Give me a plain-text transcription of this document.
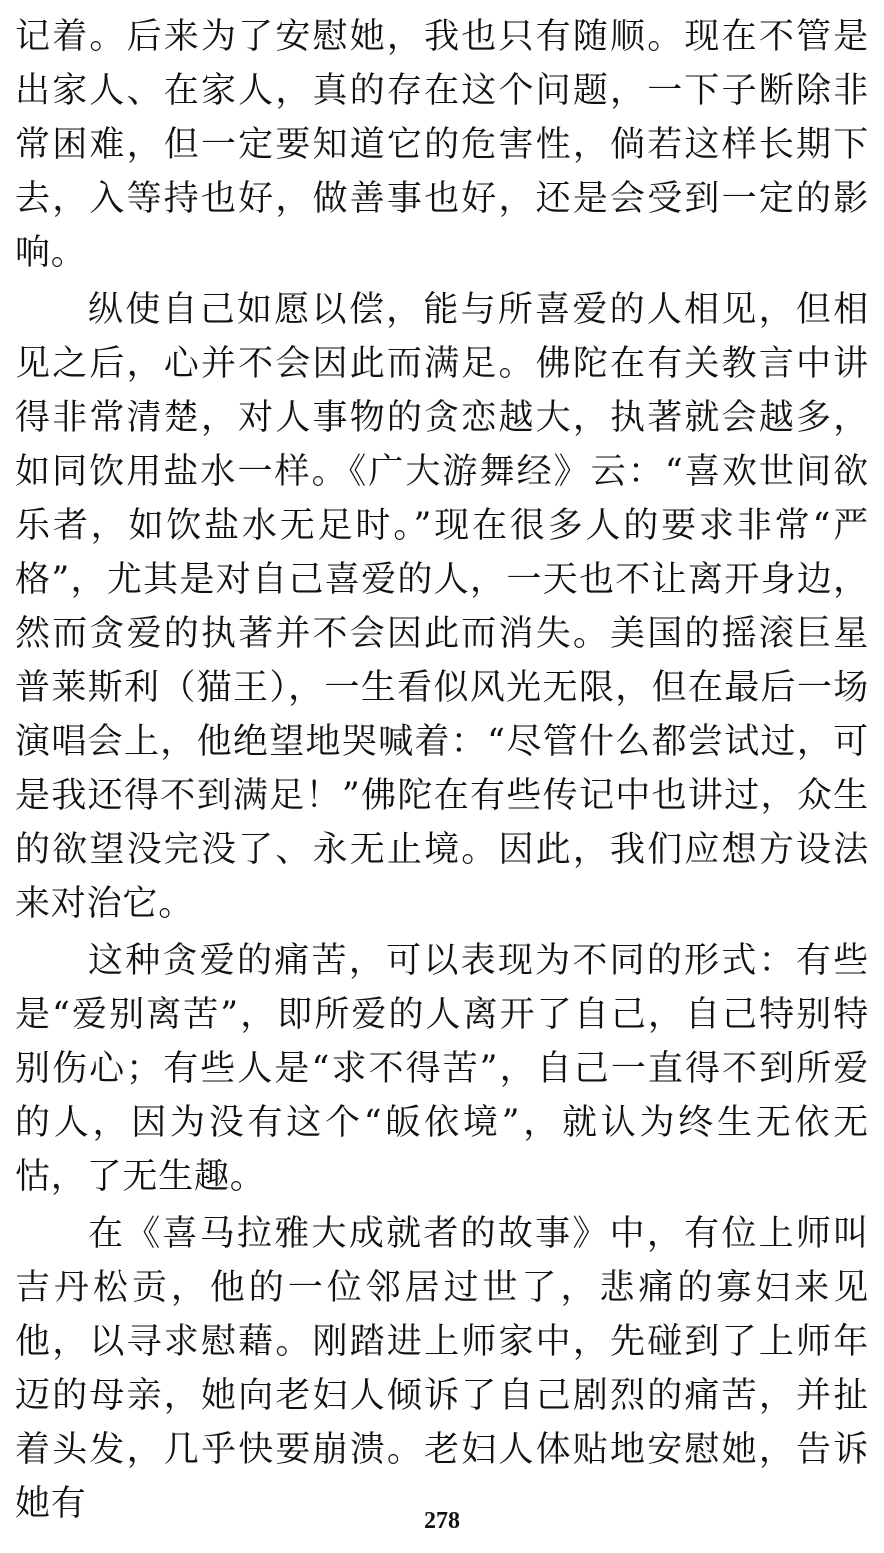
记着。后来为了安慰她，我也只有随顺。现在不管是出家人、在家人，真的存在这个问题，一下子断除非常困难，但一定要知道它的危害性，倘若这样长期下去，入等持也好，做善事也好，还是会受到一定的影响。

纵使自己如愿以偿，能与所喜爱的人相见，但相见之后，心并不会因此而满足。佛陀在有关教言中讲得非常清楚，对人事物的贪恋越大，执著就会越多，如同饮用盐水一样。《广大游舞经》云：“喜欢世间欲乐者，如饮盐水无足时。”现在很多人的要求非常“严格”，尤其是对自己喜爱的人，一天也不让离开身边，然而贪爱的执著并不会因此而消失。美国的摇滚巨星普莱斯利（猫王），一生看似风光无限，但在最后一场演唱会上，他绝望地哭喊着：“尽管什么都尝试过，可是我还得不到满足！”佛陀在有些传记中也讲过，众生的欲望没完没了、永无止境。因此，我们应想方设法来对治它。

这种贪爱的痛苦，可以表现为不同的形式：有些是“爱别离苦”，即所爱的人离开了自己，自己特别特别伤心；有些人是“求不得苦”，自己一直得不到所爱的人，因为没有这个“皈依境”，就认为终生无依无怙，了无生趣。

在《喜马拉雅大成就者的故事》中，有位上师叫吉丹松贡，他的一位邻居过世了，悲痛的寡妇来见他，以寻求慰藉。刚踏进上师家中，先碰到了上师年迈的母亲，她向老妇人倾诉了自己剧烈的痛苦，并扯着头发，几乎快要崩溃。老妇人体贴地安慰她，告诉她有	278
